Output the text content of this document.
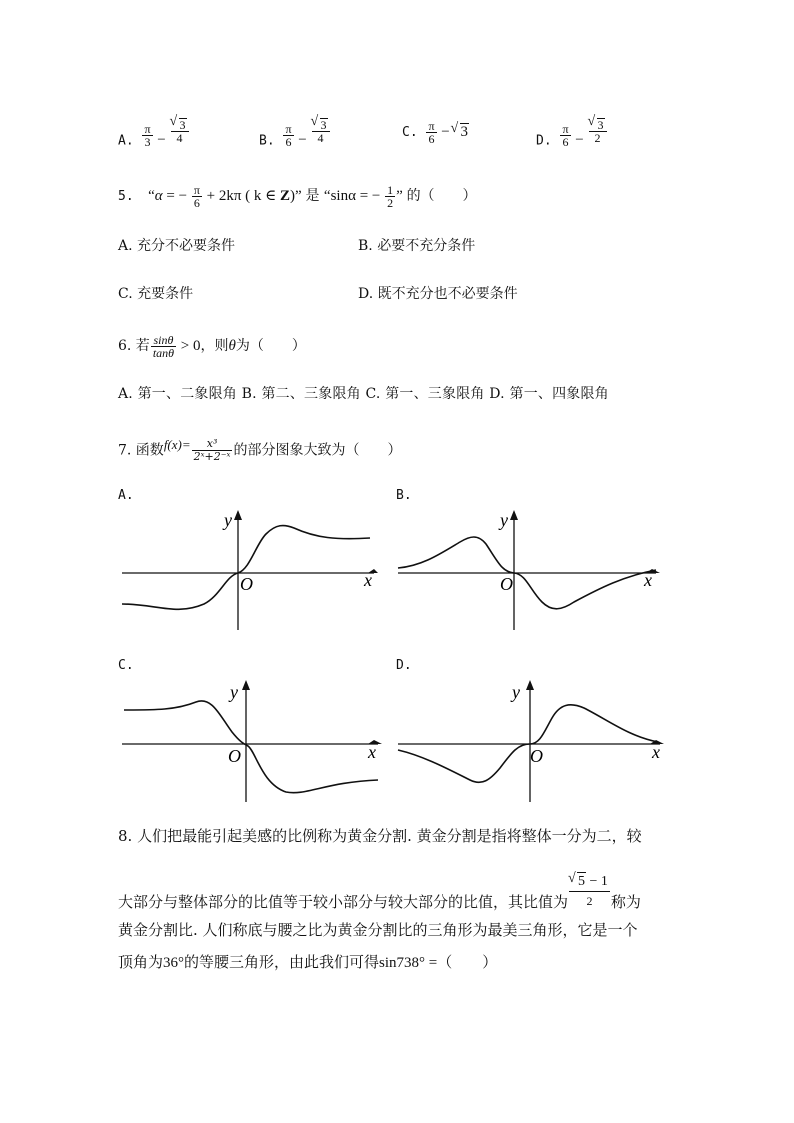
A. $\frac{\pi}{3}$ − √ $\frac{3}{4}$	B. $\frac{\pi}{6}$ − √ $\frac{3}{4}$	C. $\frac{\pi}{6}$ − √ 3
D. $\frac{\pi}{6}$ − √ $\frac{3}{2}$
5. “α = − $\frac{\pi}{6} + 2k\pi$ ( k ∈ Z)” 是 “sinα = − $\frac{1}{2}$ ” 的（　　）
A. 充分不必要条件	B. 必要不充分条件
C. 充要条件	D. 既不充分也不必要条件
6. 若 $\frac{\sin\theta}{\tan\theta} > 0$，则θ为（　　）
A. 第一、二象限角 B. 第二、三象限角 C. 第一、三象限角 D. 第一、四象限角
7. 函数$f(x)= \frac{\text{x³}}{\text{2ˣ+2⁻ˣ}}$ 的部分图象大致为（　　）
A.	B.
C.	D.
y
x
O
y
x
O
y
x
O
y
x
O
8. 人们把最能引起美感的比例称为黄金分割. 黄金分割是指将整体一分为二，较
大部分与整体部分的比值等于较小部分与较大部分的比值，其比值为 √ $\frac{5 - 1}{2}$ 称为
黄金分割比. 人们称底与腰之比为黄金分割比的三角形为最美三角形，它是一个
顶角为36°的等腰三角形，由此我们可得sin738° =（　　）
